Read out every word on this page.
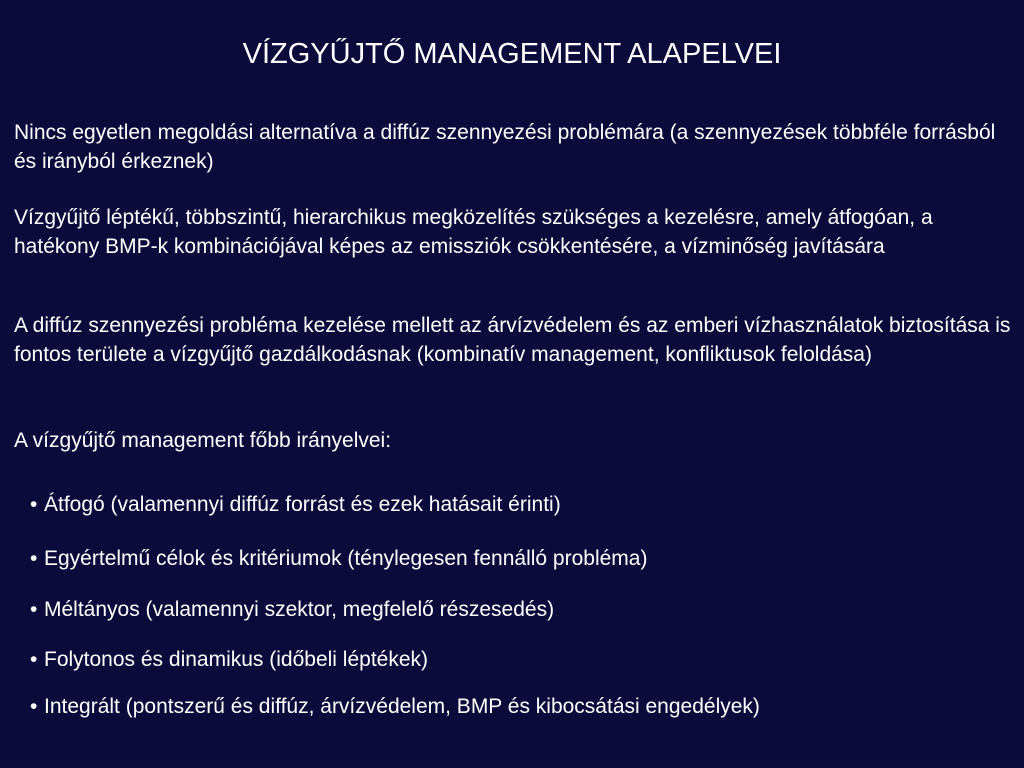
VÍZGYŰJTŐ MANAGEMENT ALAPELVEI
Nincs egyetlen megoldási alternatíva a diffúz szennyezési problémára (a szennyezések többféle forrásból és irányból érkeznek)
Vízgyűjtő léptékű, többszintű, hierarchikus megközelítés szükséges a kezelésre, amely átfogóan, a hatékony BMP-k kombinációjával képes az emissziók csökkentésére, a vízminőség javítására
A diffúz szennyezési probléma kezelése mellett az árvízvédelem és az emberi vízhasználatok biztosítása is fontos területe a vízgyűjtő gazdálkodásnak (kombinatív management, konfliktusok feloldása)
A vízgyűjtő management főbb irányelvei:
• Átfogó (valamennyi diffúz forrást és ezek hatásait érinti)
• Egyértelmű célok és kritériumok (ténylegesen fennálló probléma)
• Méltányos (valamennyi szektor, megfelelő részesedés)
• Folytonos és dinamikus (időbeli léptékek)
• Integrált (pontszerű és diffúz, árvízvédelem, BMP és kibocsátási engedélyek)
